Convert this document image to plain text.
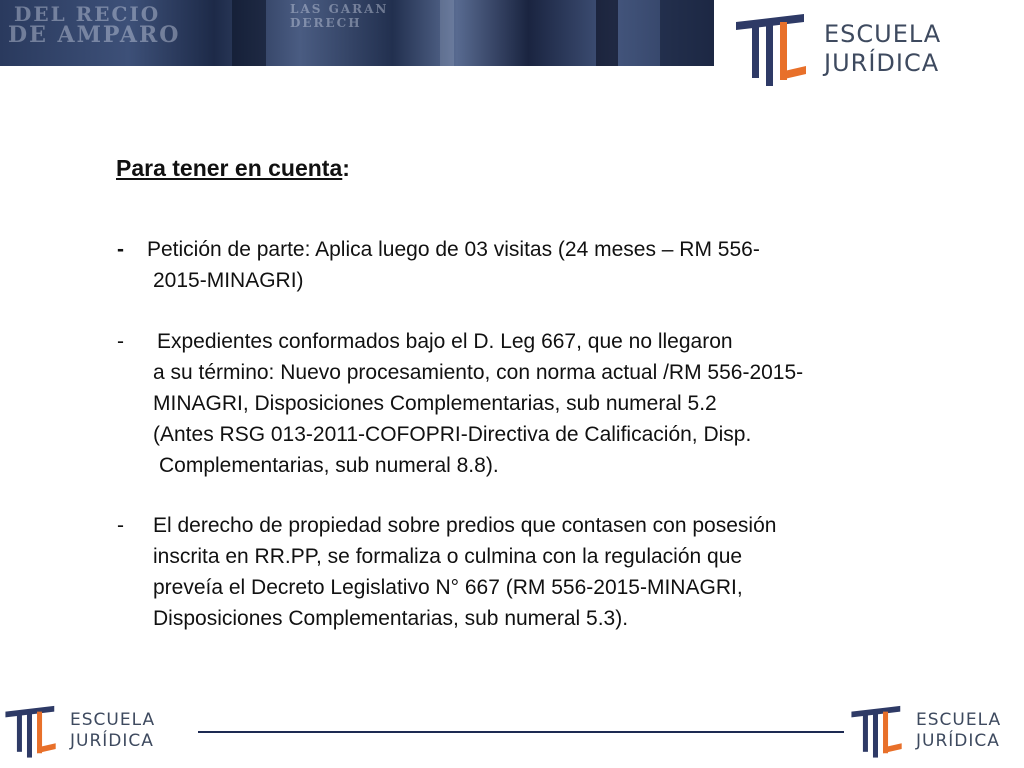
DEL RECIO
DE AMPARO
LAS GARAN
DERECH	ESCUELA
JURÍDICA
Para tener en cuenta:
- Petición de parte: Aplica luego de 03 visitas (24 meses – RM 556-
2015-MINAGRI)
- Expedientes conformados bajo el D. Leg 667, que no llegaron
a su término: Nuevo procesamiento, con norma actual /RM 556-2015-
MINAGRI, Disposiciones Complementarias, sub numeral 5.2
(Antes RSG 013-2011-COFOPRI-Directiva de Calificación, Disp.
Complementarias, sub numeral 8.8).
- El derecho de propiedad sobre predios que contasen con posesión
inscrita en RR.PP, se formaliza o culmina con la regulación que
preveía el Decreto Legislativo N° 667 (RM 556-2015-MINAGRI,
Disposiciones Complementarias, sub numeral 5.3).
ESCUELA
JURÍDICA
ESCUELA
JURÍDICA
